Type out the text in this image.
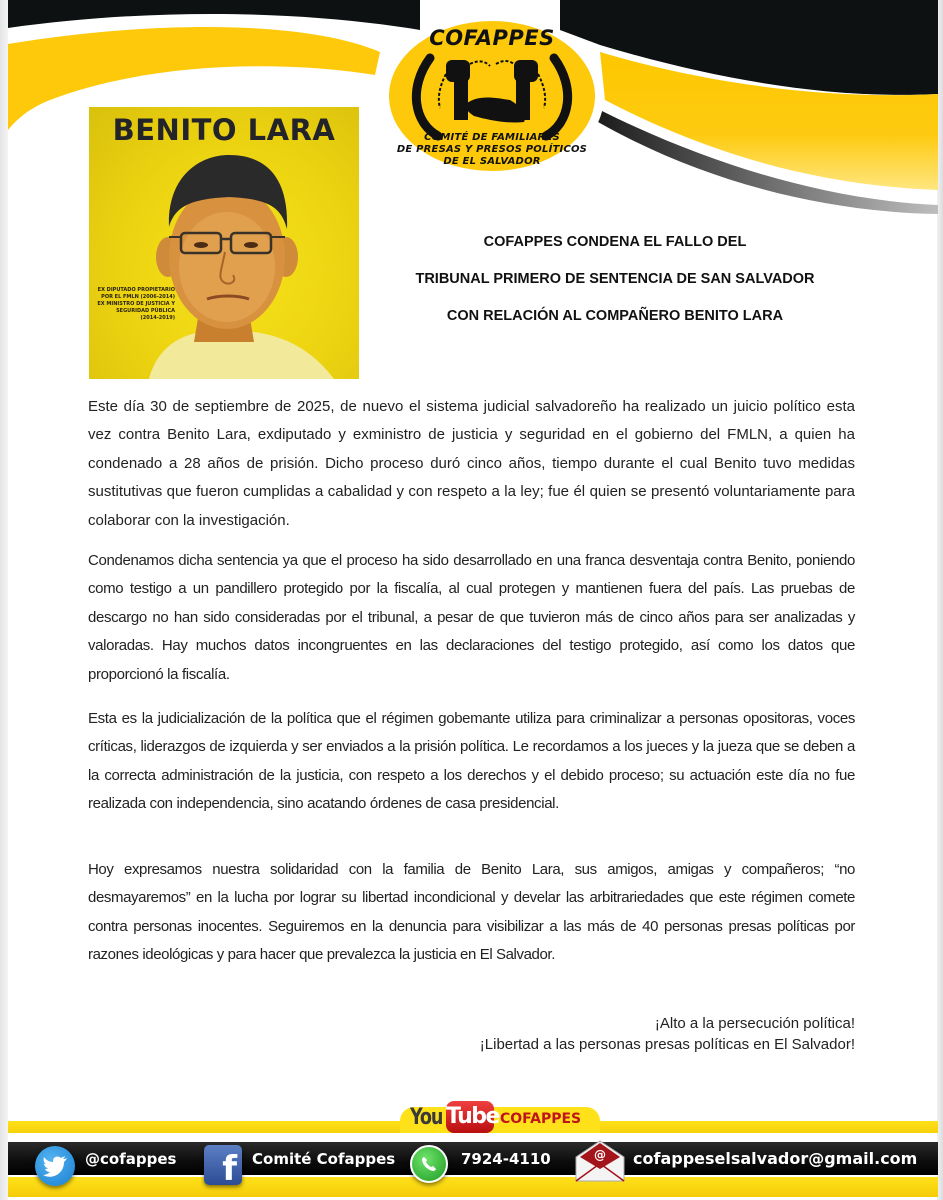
COFAPPES
COMITÉ DE FAMILIARES
DE PRESAS Y PRESOS POLÍTICOS
DE EL SALVADOR
BENITO LARA
EX DIPUTADO PROPIETARIO
POR EL FMLN (2006-2014)
EX MINISTRO DE JUSTICIA Y
SEGURIDAD PÚBLICA
(2014-2019)
COFAPPES CONDENA EL FALLO DEL
TRIBUNAL PRIMERO DE SENTENCIA DE SAN SALVADOR
CON RELACIÓN AL COMPAÑERO BENITO LARA

Este día 30 de septiembre de 2025, de nuevo el sistema judicial salvadoreño ha realizado un juicio político esta vez contra Benito Lara, exdiputado y exministro de justicia y seguridad en el gobierno del FMLN, a quien ha condenado a 28 años de prisión. Dicho proceso duró cinco años, tiempo durante el cual Benito tuvo medidas sustitutivas que fueron cumplidas a cabalidad y con respeto a la ley; fue él quien se presentó voluntariamente para colaborar con la investigación.

Condenamos dicha sentencia ya que el proceso ha sido desarrollado en una franca desventaja contra Benito, poniendo como testigo a un pandillero protegido por la fiscalía, al cual protegen y mantienen fuera del país. Las pruebas de descargo no han sido consideradas por el tribunal, a pesar de que tuvieron más de cinco años para ser analizadas y valoradas. Hay muchos datos incongruentes en las declaraciones del testigo protegido, así como los datos que proporcionó la fiscalía.

Esta es la judicialización de la política que el régimen gobemante utiliza para criminalizar a personas opositoras, voces críticas, liderazgos de izquierda y ser enviados a la prisión política. Le recordamos a los jueces y la jueza que se deben a la correcta administración de la justicia, con respeto a los derechos y el debido proceso; su actuación este día no fue realizada con independencia, sino acatando órdenes de casa presidencial.

Hoy expresamos nuestra solidaridad con la familia de Benito Lara, sus amigos, amigas y compañeros; “no desmayaremos” en la lucha por lograr su libertad incondicional y develar las arbitrariedades que este régimen comete contra personas inocentes. Seguiremos en la denuncia para visibilizar a las más de 40 personas presas políticas por razones ideológicas y para hacer que prevalezca la justicia en El Salvador.

¡Alto a la persecución política!
¡Libertad a las personas presas políticas en El Salvador!
You Tube COFAPPES
@cofappes	f	Comité Cofappes	7924-4110	@ cofappeselsalvador@gmail.com
